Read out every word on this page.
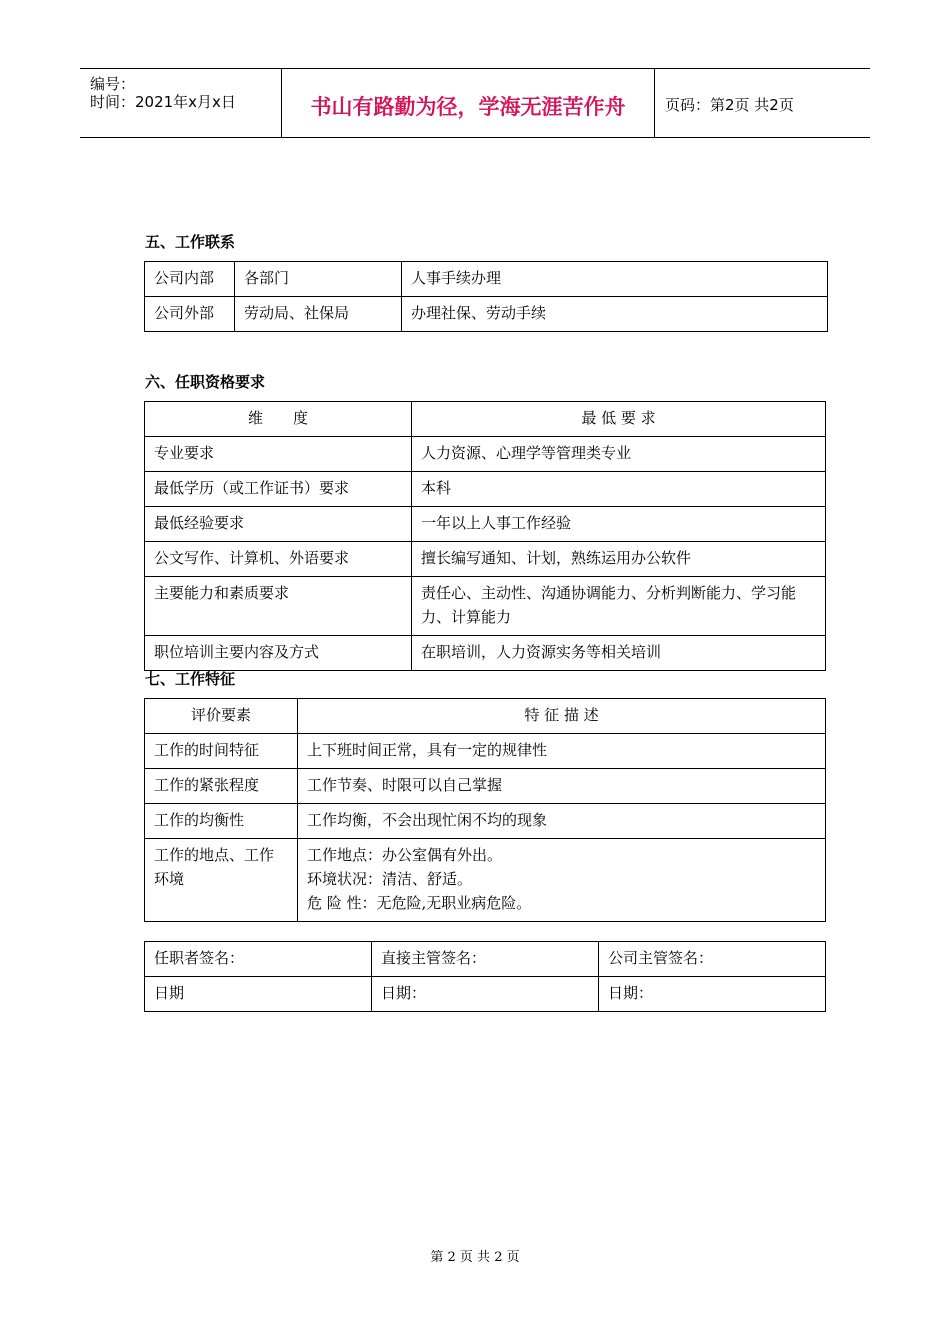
编号：
时间：2021年x月x日	书山有路勤为径，学海无涯苦作舟	页码：第2页 共2页
五、工作联系
公司内部	各部门	人事手续办理
公司外部	劳动局、社保局	办理社保、劳动手续
六、任职资格要求
维　　度	最 低 要 求
专业要求	人力资源、心理学等管理类专业
最低学历（或工作证书）要求	本科
最低经验要求	一年以上人事工作经验
公文写作、计算机、外语要求	擅长编写通知、计划，熟练运用办公软件
主要能力和素质要求	责任心、主动性、沟通协调能力、分析判断能力、学习能力、计算能力
职位培训主要内容及方式	在职培训，人力资源实务等相关培训
七、工作特征
评价要素	特 征 描 述
工作的时间特征	上下班时间正常，具有一定的规律性
工作的紧张程度	工作节奏、时限可以自己掌握
工作的均衡性	工作均衡，不会出现忙闲不均的现象
工作的地点、工作环境	工作地点：办公室偶有外出。
环境状况：清洁、舒适。
危 险 性：无危险,无职业病危险。
任职者签名：	直接主管签名：	公司主管签名：
日期	日期：	日期：
第 2 页 共 2 页
